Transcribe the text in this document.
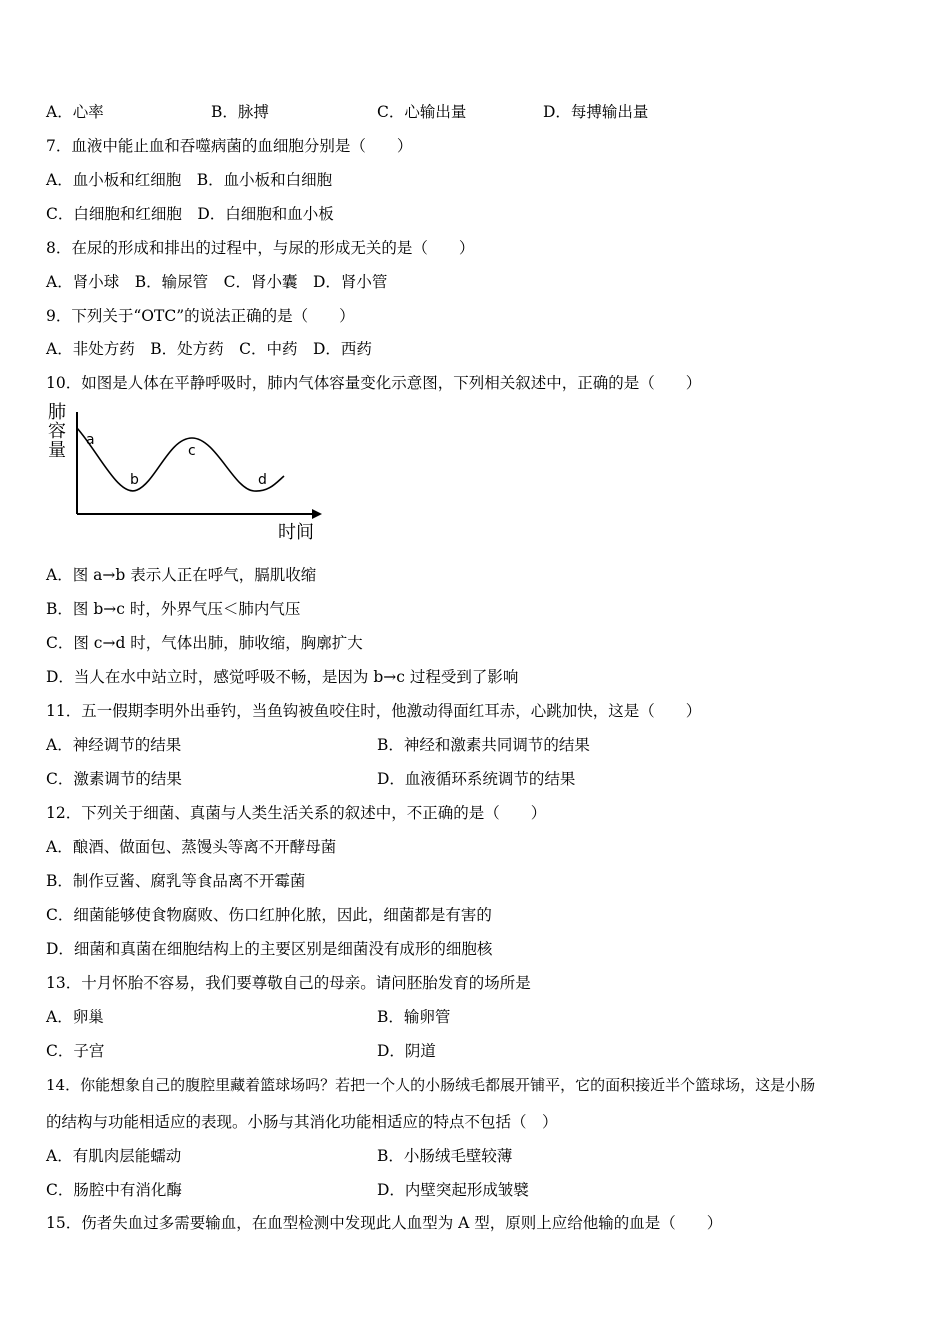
A．心率	B．脉搏	C．心输出量	D．每搏输出量
7．血液中能止血和吞噬病菌的血细胞分别是（　　）
A．血小板和红细胞　B．血小板和白细胞
C．白细胞和红细胞　D．白细胞和血小板
8．在尿的形成和排出的过程中，与尿的形成无关的是（　　）
A．肾小球　B．输尿管　C．肾小囊　D．肾小管
9．下列关于“OTC”的说法正确的是（　　）
A．非处方药　B．处方药　C．中药　D．西药
10．如图是人体在平静呼吸时，肺内气体容量变化示意图，下列相关叙述中，正确的是（　　）
肺
容
量 a
b
c
d
时间
A．图 a→b 表示人正在呼气，膈肌收缩
B．图 b→c 时，外界气压＜肺内气压
C．图 c→d 时，气体出肺，肺收缩，胸廓扩大
D．当人在水中站立时，感觉呼吸不畅，是因为 b→c 过程受到了影响
11．五一假期李明外出垂钓，当鱼钩被鱼咬住时，他激动得面红耳赤，心跳加快，这是（　　）
A．神经调节的结果	B．神经和激素共同调节的结果
C．激素调节的结果	D．血液循环系统调节的结果
12．下列关于细菌、真菌与人类生活关系的叙述中，不正确的是（　　）
A．酿酒、做面包、蒸馒头等离不开酵母菌
B．制作豆酱、腐乳等食品离不开霉菌
C．细菌能够使食物腐败、伤口红肿化脓，因此，细菌都是有害的
D．细菌和真菌在细胞结构上的主要区别是细菌没有成形的细胞核
13．十月怀胎不容易，我们要尊敬自己的母亲。请问胚胎发育的场所是
A．卵巢	B．输卵管
C．子宫	D．阴道
14．你能想象自己的腹腔里藏着篮球场吗？若把一个人的小肠绒毛都展开铺平，它的面积接近半个篮球场，这是小肠
的结构与功能相适应的表现。小肠与其消化功能相适应的特点不包括（　）
A．有肌肉层能蠕动	B．小肠绒毛壁较薄
C．肠腔中有消化酶	D．内壁突起形成皱襞
15．伤者失血过多需要输血，在血型检测中发现此人血型为 A 型，原则上应给他输的血是（　　）
